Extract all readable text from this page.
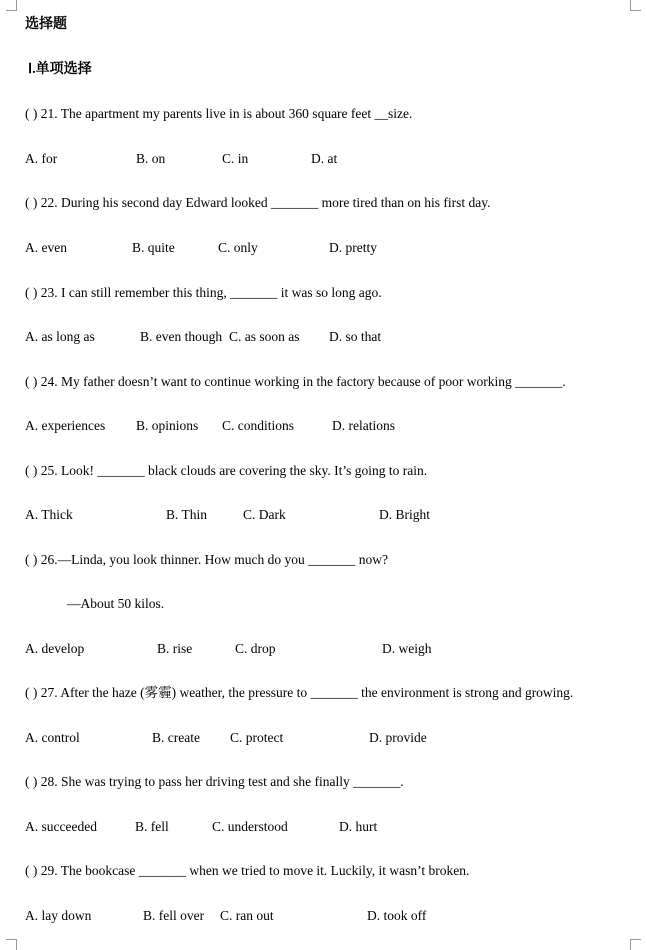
选择题
Ⅰ.单项选择
( ) 21. The apartment my parents live in is about 360 square feet __size.
A. for	B. on	C. in	D. at
( ) 22. During his second day Edward looked _______ more tired than on his first day.
A. even	B. quite	C. only	D. pretty
( ) 23. I can still remember this thing, _______ it was so long ago.
A. as long as	B. even though C. as soon as D. so that
( ) 24. My father doesn’t want to continue working in the factory because of poor working _______.
A. experiences B. opinions C. conditions	D. relations
( ) 25. Look! _______ black clouds are covering the sky. It’s going to rain.
A. Thick	B. Thin	C. Dark	D. Bright
( ) 26.—Linda, you look thinner. How much do you _______ now?
—About 50 kilos.
A. develop	B. rise	C. drop	D. weigh
( ) 27. After the haze (雾霾) weather, the pressure to _______ the environment is strong and growing.
A. control	B. create C. protect	D. provide
( ) 28. She was trying to pass her driving test and she finally _______.
A. succeeded	B. fell	C. understood	D. hurt
( ) 29. The bookcase _______ when we tried to move it. Luckily, it wasn’t broken.
A. lay down	B. fell over C. ran out	D. took off
